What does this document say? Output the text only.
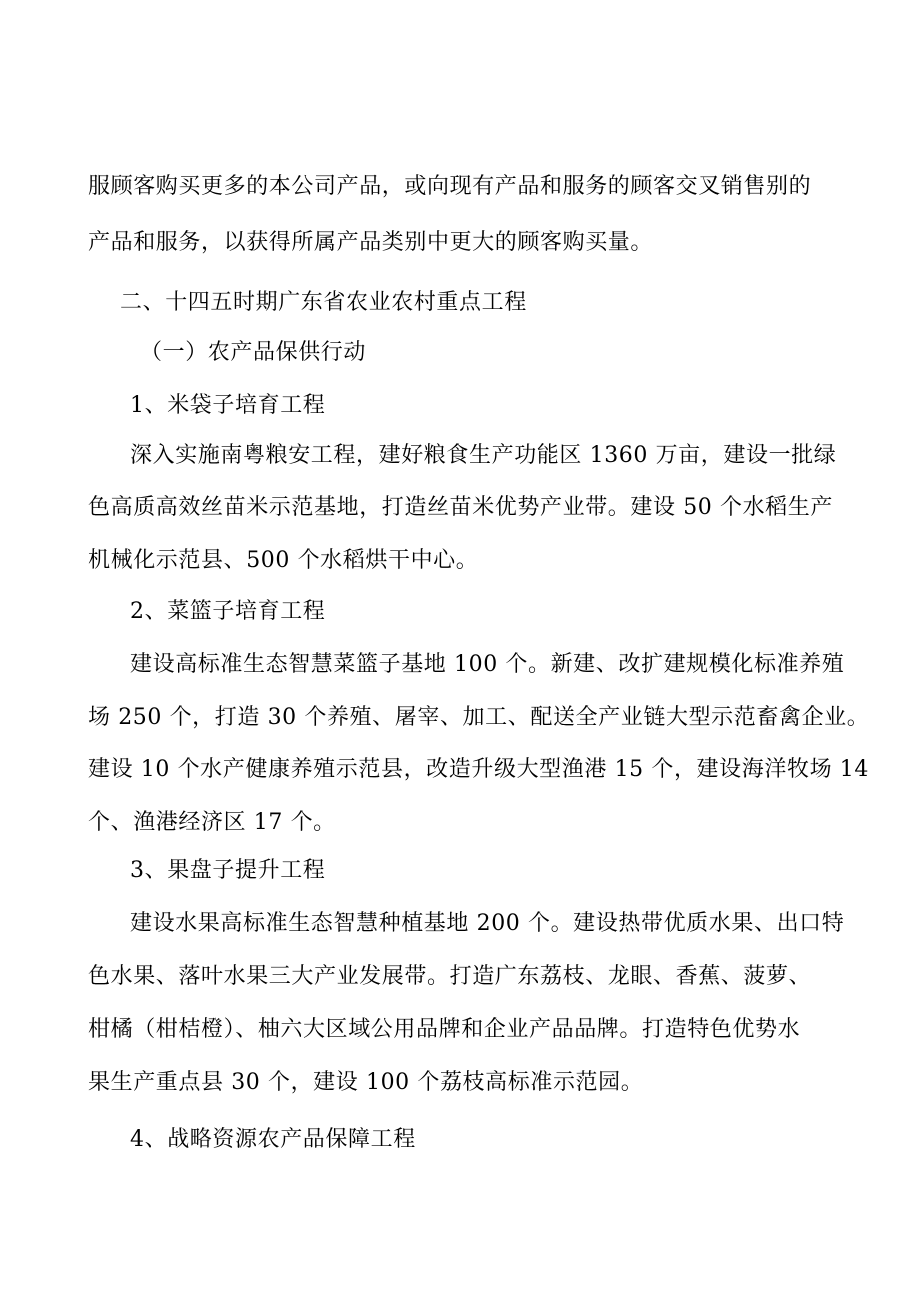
服顾客购买更多的本公司产品，或向现有产品和服务的顾客交叉销售别的
产品和服务，以获得所属产品类别中更大的顾客购买量。
二、十四五时期广东省农业农村重点工程
（一）农产品保供行动
1、米袋子培育工程
深入实施南粤粮安工程，建好粮食生产功能区 1360 万亩，建设一批绿
色高质高效丝苗米示范基地，打造丝苗米优势产业带。建设 50 个水稻生产
机械化示范县、500 个水稻烘干中心。
2、菜篮子培育工程
建设高标准生态智慧菜篮子基地 100 个。新建、改扩建规模化标准养殖
场 250 个，打造 30 个养殖、屠宰、加工、配送全产业链大型示范畜禽企业。
建设 10 个水产健康养殖示范县，改造升级大型渔港 15 个，建设海洋牧场 14
个、渔港经济区 17 个。
3、果盘子提升工程
建设水果高标准生态智慧种植基地 200 个。建设热带优质水果、出口特
色水果、落叶水果三大产业发展带。打造广东荔枝、龙眼、香蕉、菠萝、
柑橘（柑桔橙）、柚六大区域公用品牌和企业产品品牌。打造特色优势水
果生产重点县 30 个，建设 100 个荔枝高标准示范园。
4、战略资源农产品保障工程
